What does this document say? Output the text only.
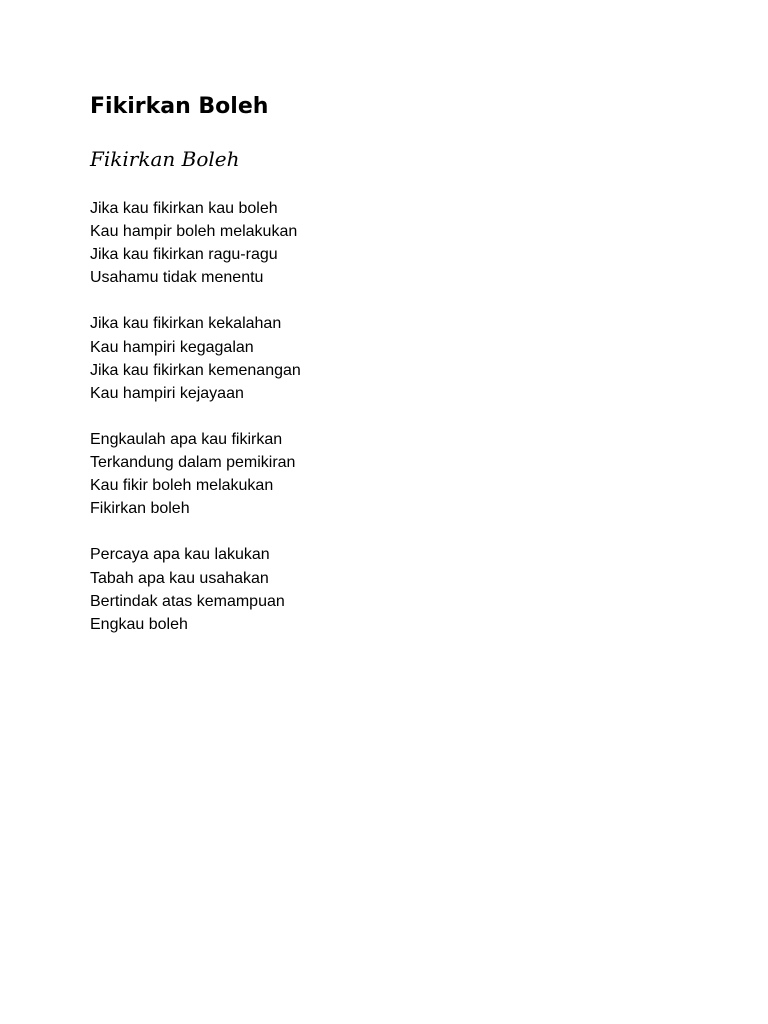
Fikirkan Boleh
Fikirkan Boleh
Jika kau fikirkan kau boleh
Kau hampir boleh melakukan
Jika kau fikirkan ragu-ragu
Usahamu tidak menentu
Jika kau fikirkan kekalahan
Kau hampiri kegagalan
Jika kau fikirkan kemenangan
Kau hampiri kejayaan
Engkaulah apa kau fikirkan
Terkandung dalam pemikiran
Kau fikir boleh melakukan
Fikirkan boleh
Percaya apa kau lakukan
Tabah apa kau usahakan
Bertindak atas kemampuan
Engkau boleh
